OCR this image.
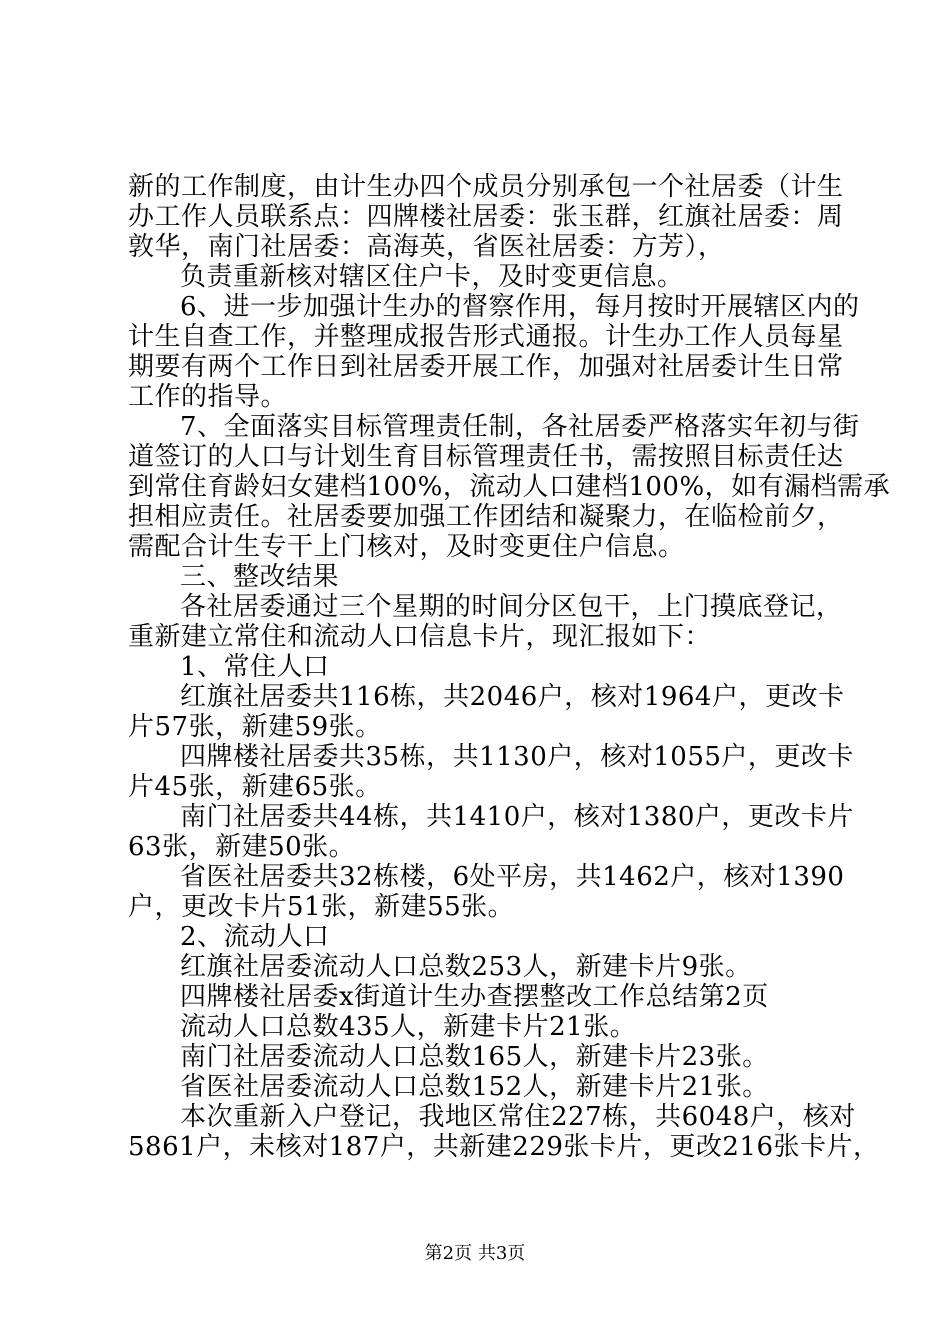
新的工作制度，由计生办四个成员分别承包一个社居委（计生
办工作人员联系点：四牌楼社居委：张玉群，红旗社居委：周
敦华，南门社居委：高海英，省医社居委：方芳），
负责重新核对辖区住户卡，及时变更信息。
6、进一步加强计生办的督察作用，每月按时开展辖区内的
计生自查工作，并整理成报告形式通报。计生办工作人员每星
期要有两个工作日到社居委开展工作，加强对社居委计生日常
工作的指导。
7、全面落实目标管理责任制，各社居委严格落实年初与街
道签订的人口与计划生育目标管理责任书，需按照目标责任达
到常住育龄妇女建档100%，流动人口建档100%，如有漏档需承
担相应责任。社居委要加强工作团结和凝聚力，在临检前夕，
需配合计生专干上门核对，及时变更住户信息。
三、整改结果
各社居委通过三个星期的时间分区包干，上门摸底登记，
重新建立常住和流动人口信息卡片，现汇报如下：
1、常住人口
红旗社居委共116栋，共2046户，核对1964户，更改卡
片57张，新建59张。
四牌楼社居委共35栋，共1130户，核对1055户，更改卡
片45张，新建65张。
南门社居委共44栋，共1410户，核对1380户，更改卡片
63张，新建50张。
省医社居委共32栋楼，6处平房，共1462户，核对1390
户，更改卡片51张，新建55张。
2、流动人口
红旗社居委流动人口总数253人，新建卡片9张。
四牌楼社居委x街道计生办查摆整改工作总结第2页
流动人口总数435人，新建卡片21张。
南门社居委流动人口总数165人，新建卡片23张。
省医社居委流动人口总数152人，新建卡片21张。
本次重新入户登记，我地区常住227栋，共6048户，核对
5861户，未核对187户，共新建229张卡片，更改216张卡片，
第2页 共3页
